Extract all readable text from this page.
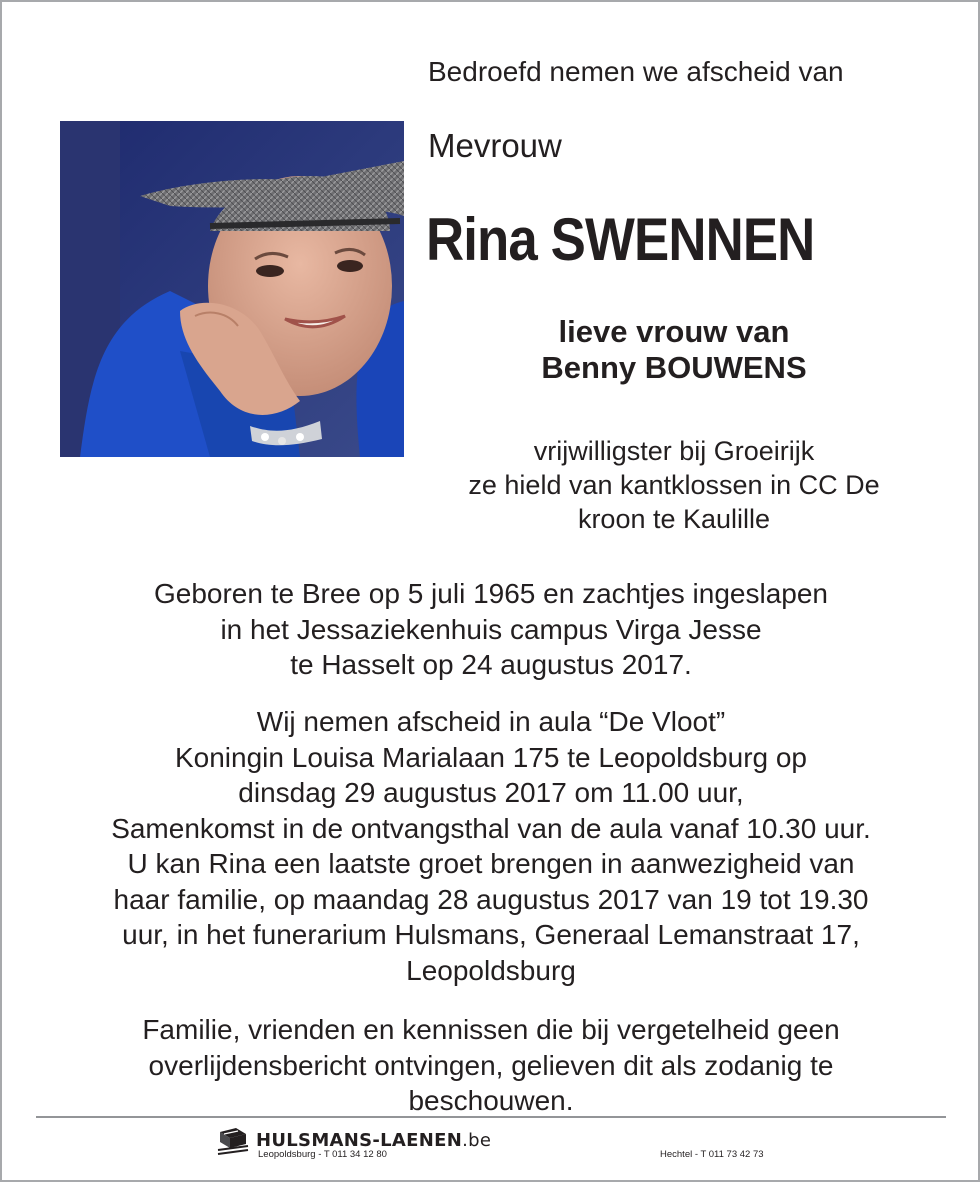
Bedroefd nemen we afscheid van
Mevrouw
Rina SWENNEN
lieve vrouw van
Benny BOUWENS
vrijwilligster bij Groeirijk
ze hield van kantklossen in CC De
kroon te Kaulille
Geboren te Bree op 5 juli 1965 en zachtjes ingeslapen
in het Jessaziekenhuis campus Virga Jesse
te Hasselt op 24 augustus 2017.
Wij nemen afscheid in aula “De Vloot”
Koningin Louisa Marialaan 175 te Leopoldsburg op
dinsdag 29 augustus 2017 om 11.00 uur,
Samenkomst in de ontvangsthal van de aula vanaf 10.30 uur.
U kan Rina een laatste groet brengen in aanwezigheid van
haar familie, op maandag 28 augustus 2017 van 19 tot 19.30
uur, in het funerarium Hulsmans, Generaal Lemanstraat 17,
Leopoldsburg
Familie, vrienden en kennissen die bij vergetelheid geen
overlijdensbericht ontvingen, gelieven dit als zodanig te
beschouwen.
HULSMANS-LAENEN.be
Leopoldsburg - T 011 34 12 80	Hechtel - T 011 73 42 73
